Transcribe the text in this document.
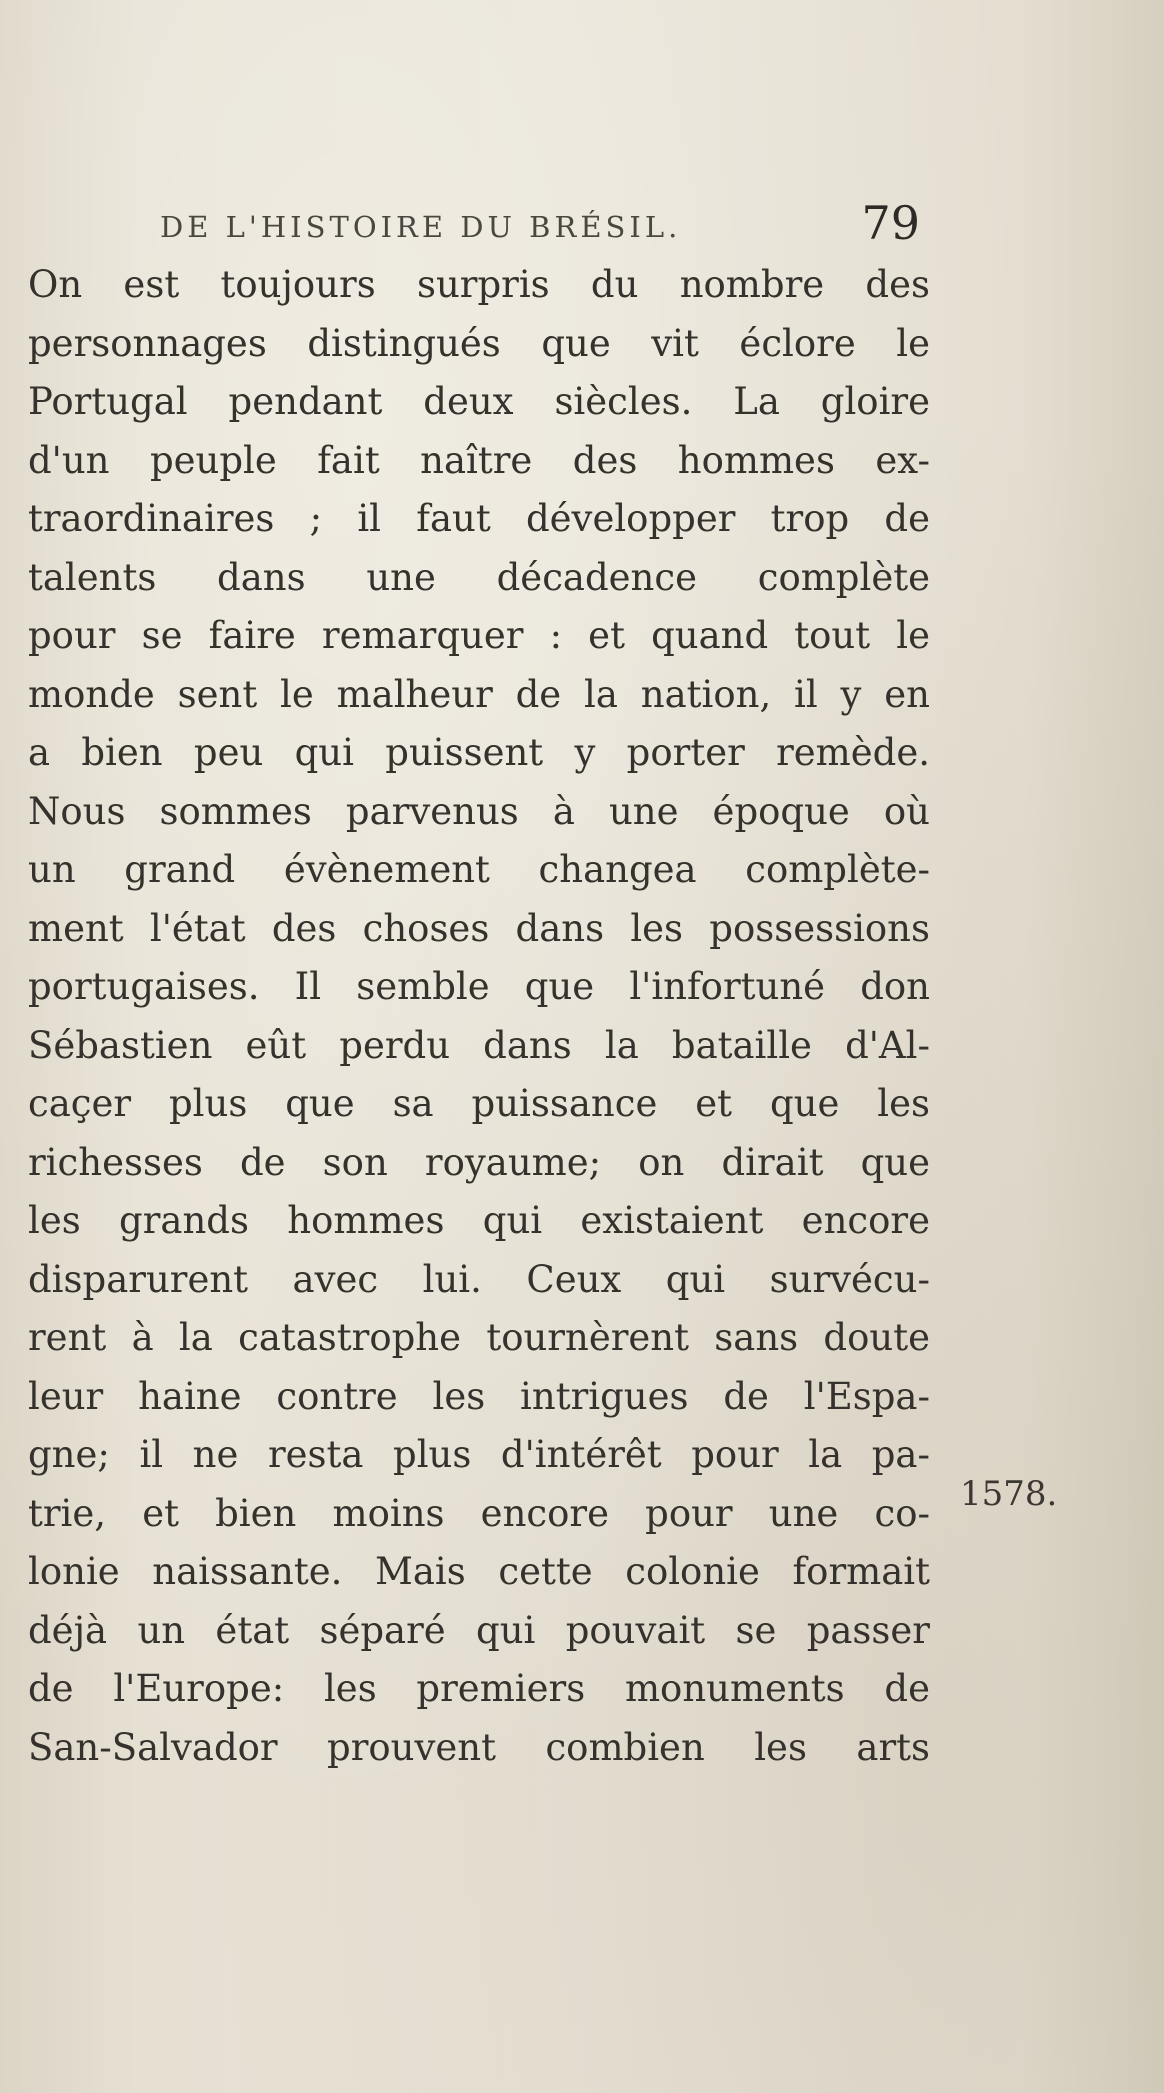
DE L'HISTOIRE DU BRÉSIL.	79
On est toujours surpris du nombre des
personnages distingués que vit éclore le
Portugal pendant deux siècles. La gloire
d'un peuple fait naître des hommes ex-
traordinaires ; il faut développer trop de
talents dans une décadence complète
pour se faire remarquer : et quand tout le
monde sent le malheur de la nation, il y en
a bien peu qui puissent y porter remède.
Nous sommes parvenus à une époque où
un grand évènement changea complète-
ment l'état des choses dans les possessions
portugaises. Il semble que l'infortuné don
Sébastien eût perdu dans la bataille d'Al-
caçer plus que sa puissance et que les
richesses de son royaume; on dirait que
les grands hommes qui existaient encore
disparurent avec lui. Ceux qui survécu-
rent à la catastrophe tournèrent sans doute
leur haine contre les intrigues de l'Espa-
gne; il ne resta plus d'intérêt pour la pa-
trie, et bien moins encore pour une co-
lonie naissante. Mais cette colonie formait
déjà un état séparé qui pouvait se passer
de l'Europe: les premiers monuments de
San-Salvador prouvent combien les arts
1578.
